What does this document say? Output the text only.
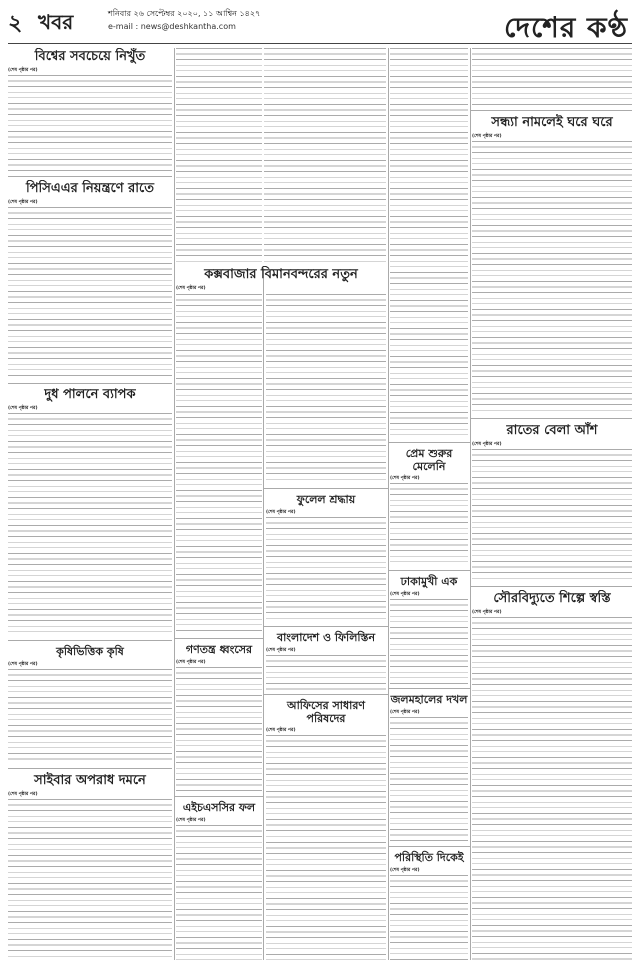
২ খবর	শনিবার ২৬ সেপ্টেম্বর ২০২০, ১১ আশ্বিন ১৪২৭
e-mail : news@deshkantha.com	দেশের কণ্ঠ
বিশ্বের সবচেয়ে নিখুঁত
(শেষ পৃষ্ঠার পর)
পিসিএএর নিয়ন্ত্রণে রাতে
(শেষ পৃষ্ঠার পর)
দুধ পালনে ব্যাপক
(শেষ পৃষ্ঠার পর)
কৃষিভিত্তিক কৃষি
(শেষ পৃষ্ঠার পর)
সাইবার অপরাধ দমনে
(শেষ পৃষ্ঠার পর)
কক্সবাজার বিমানবন্দরের নতুন
(শেষ পৃষ্ঠার পর)
ফুলেল শ্রদ্ধায়
(শেষ পৃষ্ঠার পর)
বাংলাদেশ ও ফিলিস্তিন
(শেষ পৃষ্ঠার পর)
গণতন্ত্র ধ্বংসের
(শেষ পৃষ্ঠার পর)
আফিসের সাধারণ পরিষদের
(শেষ পৃষ্ঠার পর)
এইচএসসির ফল
(শেষ পৃষ্ঠার পর)
প্রেম শুরুর মেলেনি
(শেষ পৃষ্ঠার পর)
ঢাকামুখী এক
(শেষ পৃষ্ঠার পর)
জলমহালের দখল
(শেষ পৃষ্ঠার পর)
পরিস্থিতি দিকেই
(শেষ পৃষ্ঠার পর)
সন্ধ্যা নামলেই ঘরে ঘরে
(শেষ পৃষ্ঠার পর)
রাতের বেলা আঁশ
(শেষ পৃষ্ঠার পর)
সৌরবিদ্যুতে শিল্পে স্বস্তি
(শেষ পৃষ্ঠার পর)
